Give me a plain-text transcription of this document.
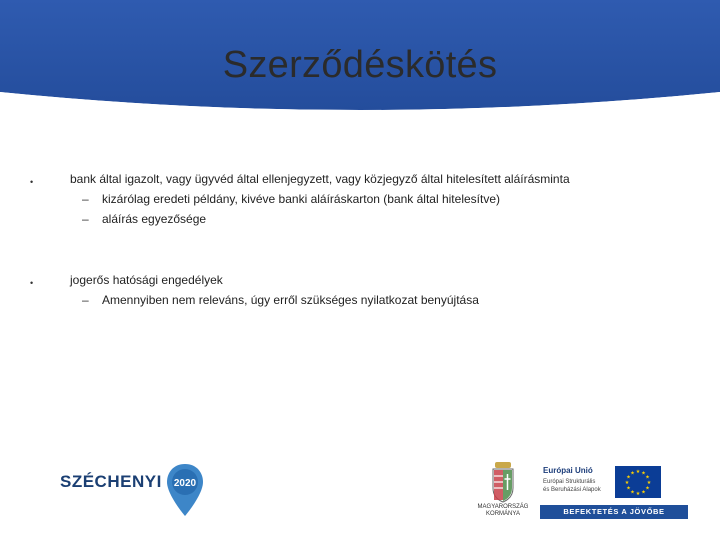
Szerződéskötés
•	bank által igazolt, vagy ügyvéd által ellenjegyzett, vagy közjegyző által hitelesített aláírásminta
– kizárólag eredeti példány, kivéve banki aláíráskarton (bank által hitelesítve)
– aláírás egyezősége
•	jogerős hatósági engedélyek
– Amennyiben nem releváns, úgy erről szükséges nyilatkozat benyújtása
SZÉCHENYI 2020
MAGYARORSZÁG
KORMÁNYA
Európai Unió
Európai Strukturális
és Beruházási Alapok
★ ★
★
★
★
★
★
★
★
★
★
★
BEFEKTETÉS A JÖVŐBE
